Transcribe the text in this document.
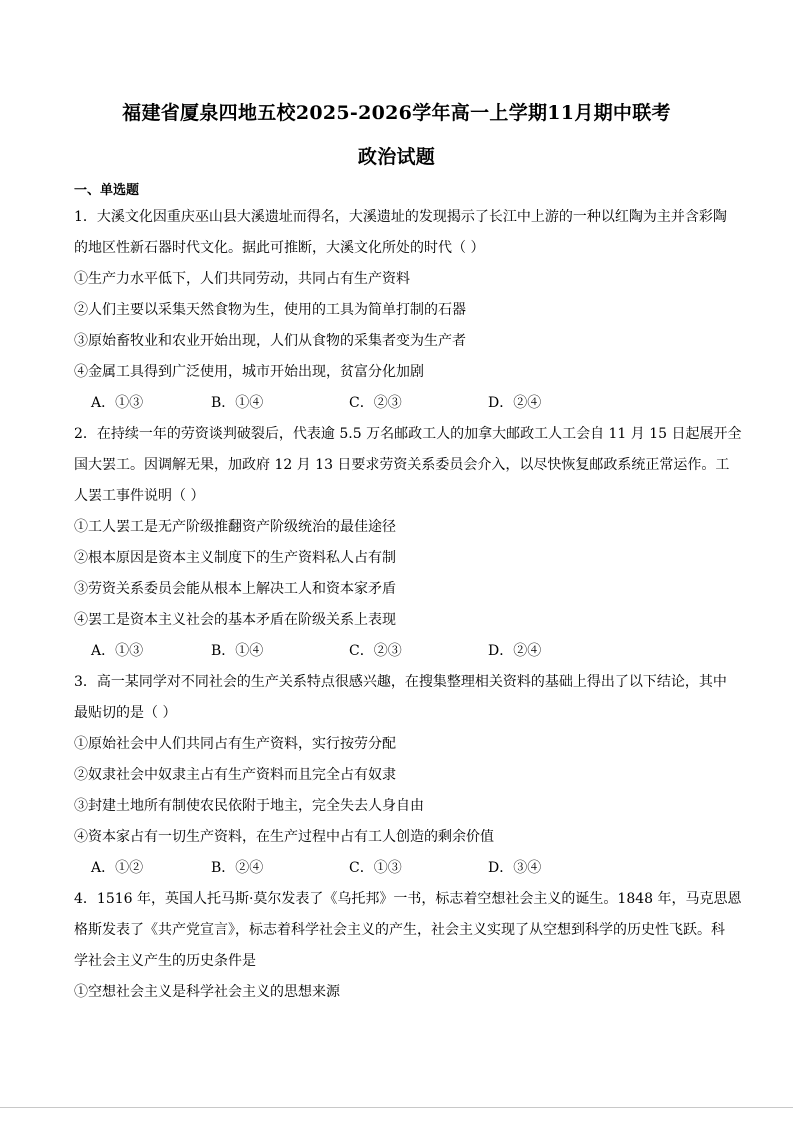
福建省厦泉四地五校2025-2026学年高一上学期11月期中联考
政治试题
一、单选题
1．大溪文化因重庆巫山县大溪遗址而得名，大溪遗址的发现揭示了长江中上游的一种以红陶为主并含彩陶
的地区性新石器时代文化。据此可推断，大溪文化所处的时代（ ）
①生产力水平低下，人们共同劳动，共同占有生产资料
②人们主要以采集天然食物为生，使用的工具为简单打制的石器
③原始畜牧业和农业开始出现，人们从食物的采集者变为生产者
④金属工具得到广泛使用，城市开始出现，贫富分化加剧
A．①③	B．①④	C．②③	D．②④
2．在持续一年的劳资谈判破裂后，代表逾 5.5 万名邮政工人的加拿大邮政工人工会自 11 月 15 日起展开全
国大罢工。因调解无果，加政府 12 月 13 日要求劳资关系委员会介入，以尽快恢复邮政系统正常运作。工
人罢工事件说明（ ）
①工人罢工是无产阶级推翻资产阶级统治的最佳途径
②根本原因是资本主义制度下的生产资料私人占有制
③劳资关系委员会能从根本上解决工人和资本家矛盾
④罢工是资本主义社会的基本矛盾在阶级关系上表现
A．①③	B．①④	C．②③	D．②④
3．高一某同学对不同社会的生产关系特点很感兴趣，在搜集整理相关资料的基础上得出了以下结论，其中
最贴切的是（ ）
①原始社会中人们共同占有生产资料，实行按劳分配
②奴隶社会中奴隶主占有生产资料而且完全占有奴隶
③封建土地所有制使农民依附于地主，完全失去人身自由
④资本家占有一切生产资料，在生产过程中占有工人创造的剩余价值
A．①②	B．②④	C．①③	D．③④
4．1516 年，英国人托马斯·莫尔发表了《乌托邦》一书，标志着空想社会主义的诞生。1848 年，马克思恩
格斯发表了《共产党宣言》，标志着科学社会主义的产生，社会主义实现了从空想到科学的历史性飞跃。科
学社会主义产生的历史条件是
①空想社会主义是科学社会主义的思想来源
